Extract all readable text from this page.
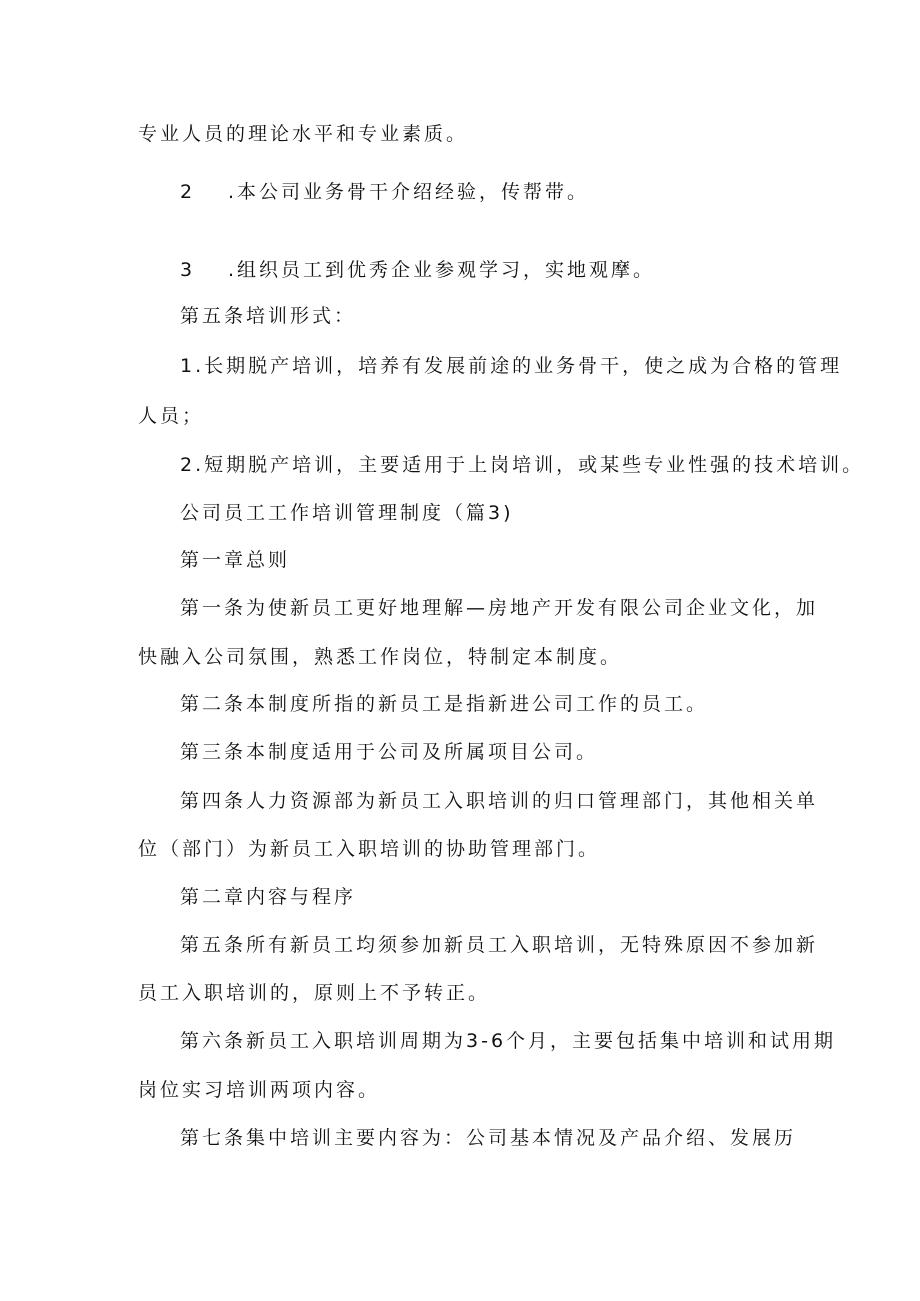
专业人员的理论水平和专业素质。
2 .本公司业务骨干介绍经验，传帮带。
3 .组织员工到优秀企业参观学习，实地观摩。
第五条培训形式：
1.长期脱产培训，培养有发展前途的业务骨干，使之成为合格的管理
人员；
2.短期脱产培训，主要适用于上岗培训，或某些专业性强的技术培训。
公司员工工作培训管理制度（篇3)
第一章总则
第一条为使新员工更好地理解—房地产开发有限公司企业文化，加
快融入公司氛围，熟悉工作岗位，特制定本制度。
第二条本制度所指的新员工是指新进公司工作的员工。
第三条本制度适用于公司及所属项目公司。
第四条人力资源部为新员工入职培训的归口管理部门，其他相关单
位（部门）为新员工入职培训的协助管理部门。
第二章内容与程序
第五条所有新员工均须参加新员工入职培训，无特殊原因不参加新
员工入职培训的，原则上不予转正。
第六条新员工入职培训周期为3-6个月，主要包括集中培训和试用期
岗位实习培训两项内容。
第七条集中培训主要内容为：公司基本情况及产品介绍、发展历
